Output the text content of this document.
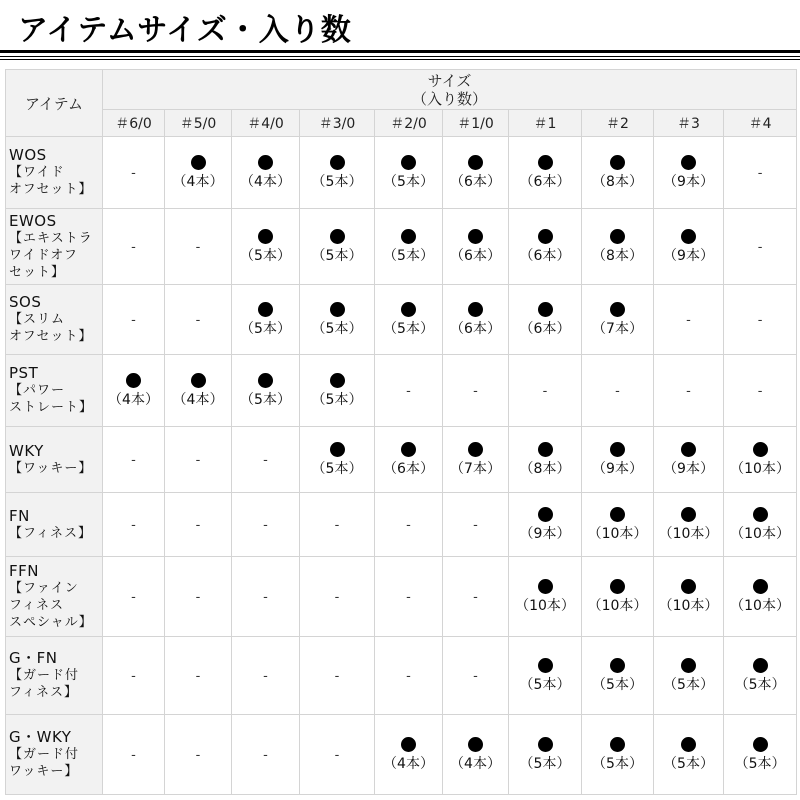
アイテムサイズ・入り数
アイテム	サイズ
（入り数）									

	＃6/0	＃5/0	＃4/0	＃3/0	＃2/0	＃1/0	＃1	＃2	＃3	＃4

WOS
【ワイド
オフセット】	-	（4本）	（4本）	（5本）	（5本）	（6本）	（6本）	（8本）	（9本）	-

EWOS
【エキストラ
ワイドオフ
セット】	-	-	（5本）	（5本）	（5本）	（6本）	（6本）	（8本）	（9本）	-

SOS
【スリム
オフセット】	-	-	（5本）	（5本）	（5本）	（6本）	（6本）	（7本）	-	-

PST
【パワー
ストレート】	（4本）	（4本）	（5本）	（5本）	-	-	-	-	-	-

WKY
【ワッキー】	-	-	-	（5本）	（6本）	（7本）	（8本）	（9本）	（9本）	（10本）

FN
【フィネス】	-	-	-	-	-	-	（9本）	（10本）	（10本）	（10本）

FFN
【ファイン
フィネス
スペシャル】	-	-	-	-	-	-	（10本）	（10本）	（10本）	（10本）

G・FN
【ガード付
フィネス】	-	-	-	-	-	-	（5本）	（5本）	（5本）	（5本）

G・WKY
【ガード付
ワッキー】	-	-	-	-	（4本）	（4本）	（5本）	（5本）	（5本）	（5本）
